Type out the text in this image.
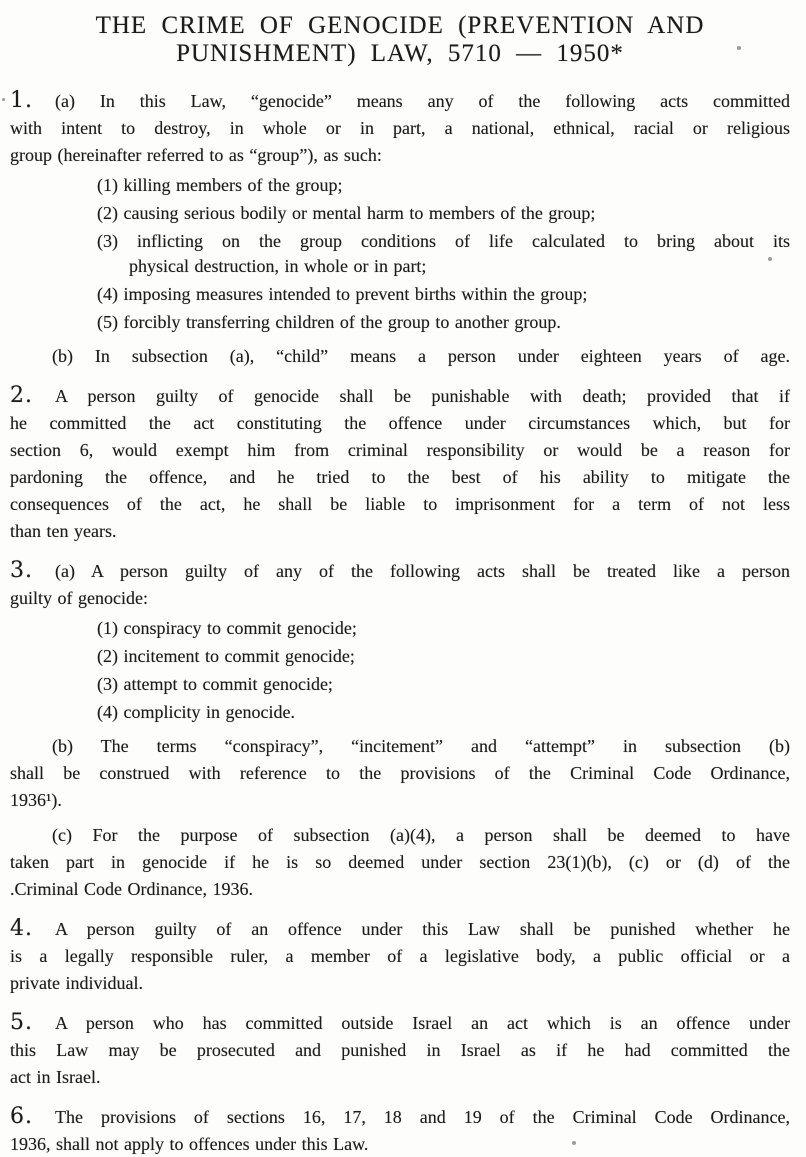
THE CRIME OF GENOCIDE (PREVENTION AND
PUNISHMENT) LAW, 5710 — 1950*
1. (a) In this Law, “genocide” means any of the following acts committed
with intent to destroy, in whole or in part, a national, ethnical, racial or religious
group (hereinafter referred to as “group”), as such:
(1) killing members of the group;
(2) causing serious bodily or mental harm to members of the group;
(3) inflicting on the group conditions of life calculated to bring about its
physical destruction, in whole or in part;
(4) imposing measures intended to prevent births within the group;
(5) forcibly transferring children of the group to another group.
(b) In subsection (a), “child” means a person under eighteen years of age.
2. A person guilty of genocide shall be punishable with death; provided that if
he committed the act constituting the offence under circumstances which, but for
section 6, would exempt him from criminal responsibility or would be a reason for
pardoning the offence, and he tried to the best of his ability to mitigate the
consequences of the act, he shall be liable to imprisonment for a term of not less
than ten years.
3. (a) A person guilty of any of the following acts shall be treated like a person
guilty of genocide:
(1) conspiracy to commit genocide;
(2) incitement to commit genocide;
(3) attempt to commit genocide;
(4) complicity in genocide.
(b) The terms “conspiracy”, “incitement” and “attempt” in subsection (b)
shall be construed with reference to the provisions of the Criminal Code Ordinance,
1936¹).
(c) For the purpose of subsection (a)(4), a person shall be deemed to have
taken part in genocide if he is so deemed under section 23(1)(b), (c) or (d) of the
.Criminal Code Ordinance, 1936.
4. A person guilty of an offence under this Law shall be punished whether he
is a legally responsible ruler, a member of a legislative body, a public official or a
private individual.
5. A person who has committed outside Israel an act which is an offence under
this Law may be prosecuted and punished in Israel as if he had committed the
act in Israel.
6. The provisions of sections 16, 17, 18 and 19 of the Criminal Code Ordinance,
1936, shall not apply to offences under this Law.
